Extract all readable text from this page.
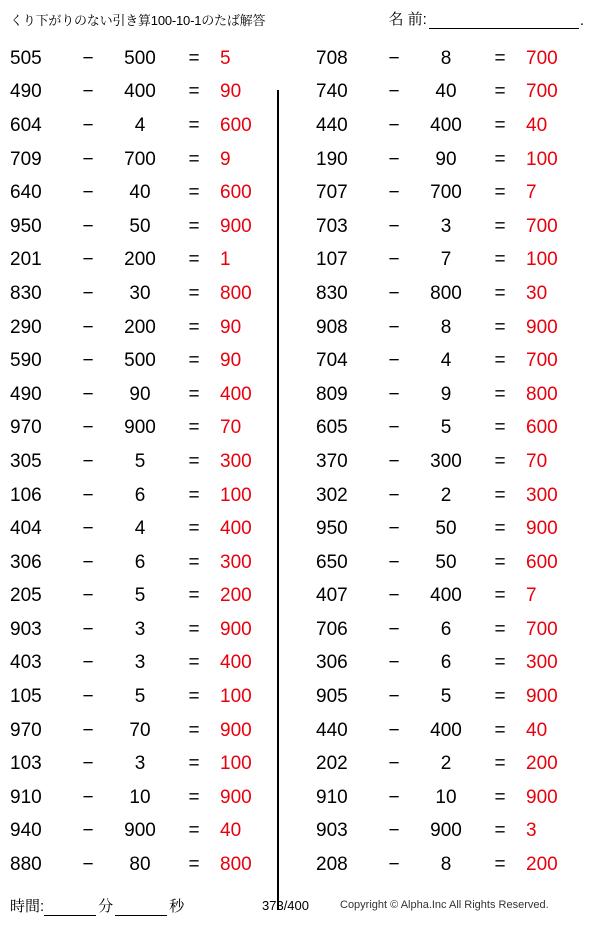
くり下がりのない引き算100-10-1のたば解答	名 前:	.
505	−	500	=	5
490	−	400	=	90
604	−	4	=	600
709	−	700	=	9
640	−	40	=	600
950	−	50	=	900
201	−	200	=	1
830	−	30	=	800
290	−	200	=	90
590	−	500	=	90
490	−	90	=	400
970	−	900	=	70
305	−	5	=	300
106	−	6	=	100
404	−	4	=	400
306	−	6	=	300
205	−	5	=	200
903	−	3	=	900
403	−	3	=	400
105	−	5	=	100
970	−	70	=	900
103	−	3	=	100
910	−	10	=	900
940	−	900	=	40
880	−	80	=	800
708	−	8	=	700
740	−	40	=	700
440	−	400	=	40
190	−	90	=	100
707	−	700	=	7
703	−	3	=	700
107	−	7	=	100
830	−	800	=	30
908	−	8	=	900
704	−	4	=	700
809	−	9	=	800
605	−	5	=	600
370	−	300	=	70
302	−	2	=	300
950	−	50	=	900
650	−	50	=	600
407	−	400	=	7
706	−	6	=	700
306	−	6	=	300
905	−	5	=	900
440	−	400	=	40
202	−	2	=	200
910	−	10	=	900
903	−	900	=	3
208	−	8	=	200
時間:	分	秒	373/400	Copyright © Alpha.Inc All Rights Reserved.
